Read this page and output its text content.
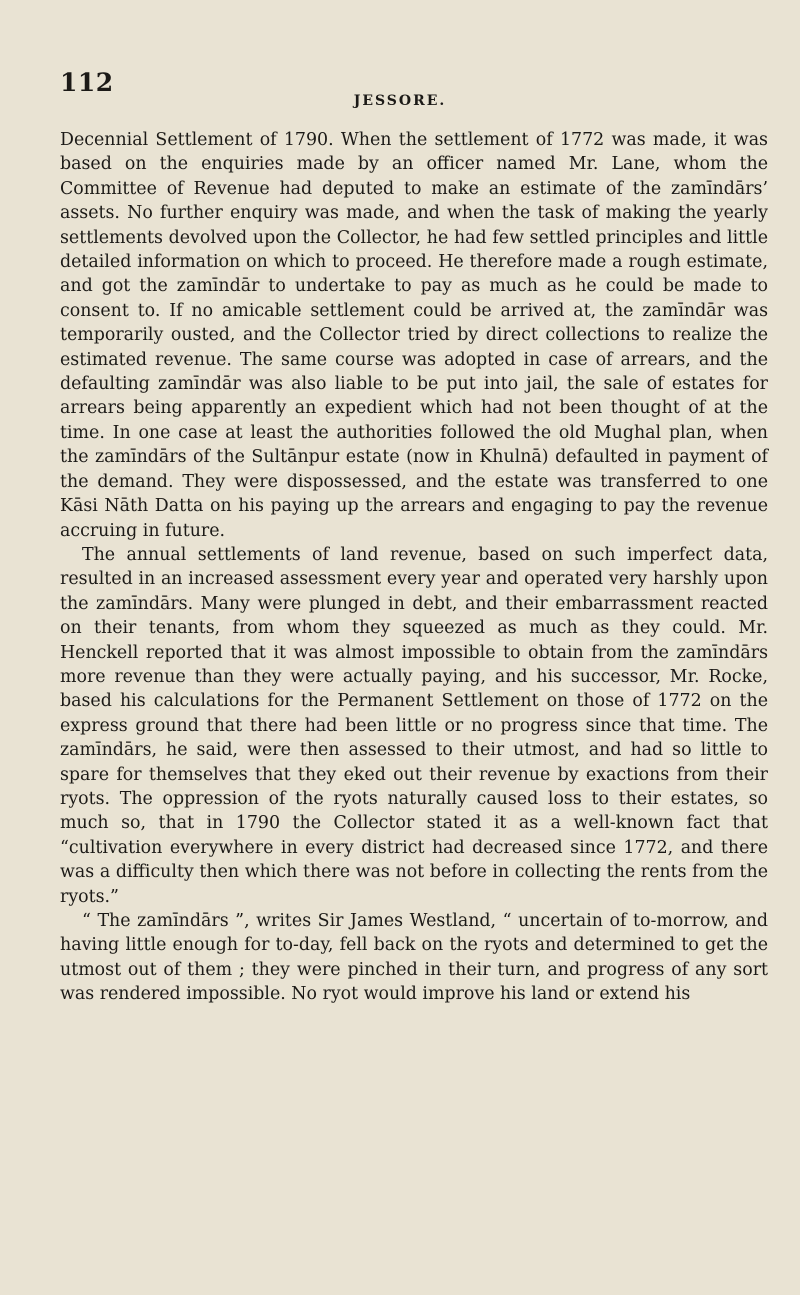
112
JESSORE.

Decennial Settlement of 1790. When the settlement of 1772 was made, it was based on the enquiries made by an officer named Mr. Lane, whom the Committee of Revenue had deputed to make an estimate of the zamīndārs’ assets. No further enquiry was made, and when the task of making the yearly settlements devolved upon the Collector, he had few settled principles and little detailed information on which to proceed. He therefore made a rough estimate, and got the zamīndār to undertake to pay as much as he could be made to consent to. If no amicable settlement could be arrived at, the zamīndār was temporarily ousted, and the Collector tried by direct collections to realize the estimated revenue. The same course was adopted in case of arrears, and the defaulting zamīndār was also liable to be put into jail, the sale of estates for arrears being apparently an expedient which had not been thought of at the time. In one case at least the authorities followed the old Mughal plan, when the zamīndārs of the Sultānpur estate (now in Khulnā) defaulted in payment of the demand. They were dispossessed, and the estate was transferred to one Kāsi Nāth Datta on his paying up the arrears and engaging to pay the revenue accruing in future.

The annual settlements of land revenue, based on such imperfect data, resulted in an increased assessment every year and operated very harshly upon the zamīndārs. Many were plunged in debt, and their embarrassment reacted on their tenants, from whom they squeezed as much as they could. Mr. Henckell reported that it was almost impossible to obtain from the zamīndārs more revenue than they were actually paying, and his successor, Mr. Rocke, based his calculations for the Permanent Settlement on those of 1772 on the express ground that there had been little or no progress since that time. The zamīndārs, he said, were then assessed to their utmost, and had so little to spare for themselves that they eked out their revenue by exactions from their ryots. The oppression of the ryots naturally caused loss to their estates, so much so, that in 1790 the Collector stated it as a well-known fact that “cultivation everywhere in every district had decreased since 1772, and there was a difficulty then which there was not before in collecting the rents from the ryots.”

“ The zamīndārs ”, writes Sir James Westland, “ uncertain of to-morrow, and having little enough for to-day, fell back on the ryots and determined to get the utmost out of them ; they were pinched in their turn, and progress of any sort was rendered impossible. No ryot would improve his land or extend his
